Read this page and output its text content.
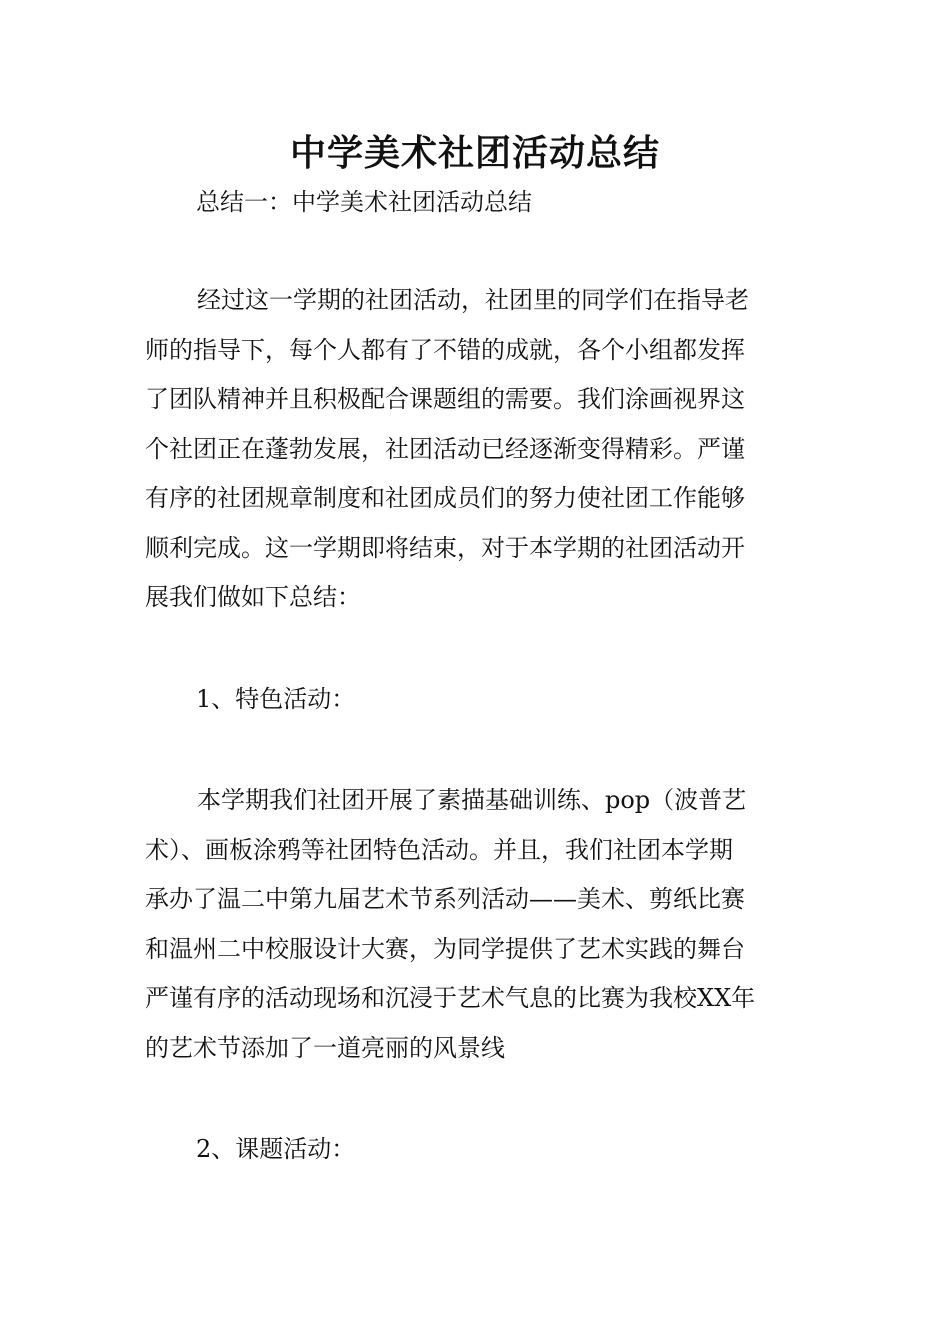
中学美术社团活动总结
总结一：中学美术社团活动总结
经过这一学期的社团活动，社团里的同学们在指导老
师的指导下，每个人都有了不错的成就，各个小组都发挥
了团队精神并且积极配合课题组的需要。我们涂画视界这
个社团正在蓬勃发展，社团活动已经逐渐变得精彩。严谨
有序的社团规章制度和社团成员们的努力使社团工作能够
顺利完成。这一学期即将结束，对于本学期的社团活动开
展我们做如下总结：
1、特色活动：
本学期我们社团开展了素描基础训练、pop（波普艺
术）、画板涂鸦等社团特色活动。并且，我们社团本学期
承办了温二中第九届艺术节系列活动——美术、剪纸比赛
和温州二中校服设计大赛，为同学提供了艺术实践的舞台
严谨有序的活动现场和沉浸于艺术气息的比赛为我校XX年
的艺术节添加了一道亮丽的风景线
2、课题活动：
